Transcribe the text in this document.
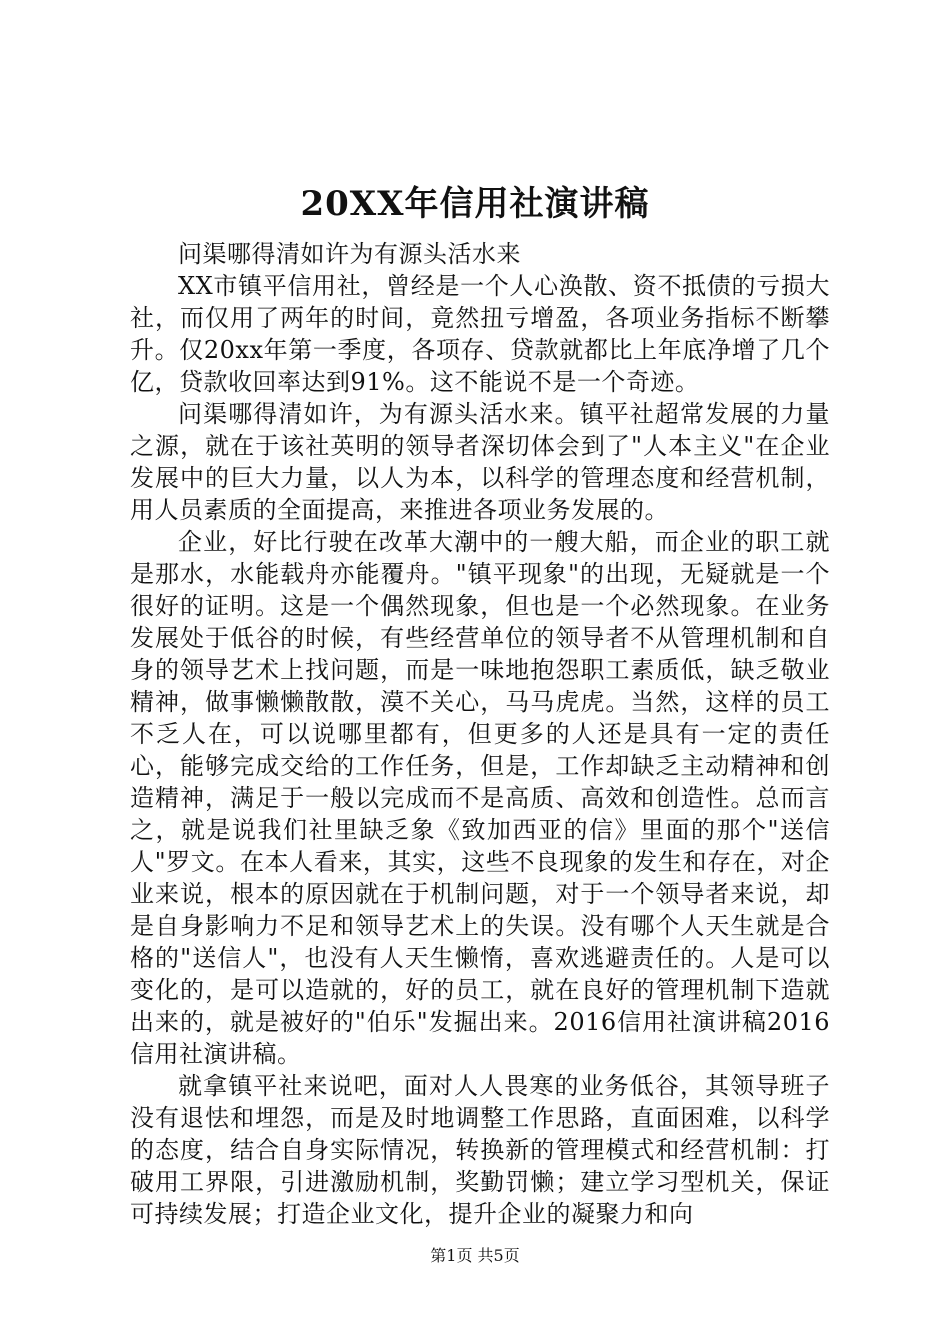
20XX年信用社演讲稿

问渠哪得清如许为有源头活水来

XX市镇平信用社，曾经是一个人心涣散、资不抵债的亏损大社，而仅用了两年的时间，竟然扭亏增盈，各项业务指标不断攀升。仅20xx年第一季度，各项存、贷款就都比上年底净增了几个亿，贷款收回率达到91%。这不能说不是一个奇迹。

问渠哪得清如许，为有源头活水来。镇平社超常发展的力量之源，就在于该社英明的领导者深切体会到了"人本主义"在企业发展中的巨大力量，以人为本，以科学的管理态度和经营机制，用人员素质的全面提高，来推进各项业务发展的。

企业，好比行驶在改革大潮中的一艘大船，而企业的职工就是那水，水能载舟亦能覆舟。"镇平现象"的出现，无疑就是一个很好的证明。这是一个偶然现象，但也是一个必然现象。在业务发展处于低谷的时候，有些经营单位的领导者不从管理机制和自身的领导艺术上找问题，而是一味地抱怨职工素质低，缺乏敬业精神，做事懒懒散散，漠不关心，马马虎虎。当然，这样的员工不乏人在，可以说哪里都有，但更多的人还是具有一定的责任心，能够完成交给的工作任务，但是，工作却缺乏主动精神和创造精神，满足于一般以完成而不是高质、高效和创造性。总而言之，就是说我们社里缺乏象《致加西亚的信》里面的那个"送信人"罗文。在本人看来，其实，这些不良现象的发生和存在，对企业来说，根本的原因就在于机制问题，对于一个领导者来说，却是自身影响力不足和领导艺术上的失误。没有哪个人天生就是合格的"送信人"，也没有人天生懒惰，喜欢逃避责任的。人是可以变化的，是可以造就的，好的员工，就在良好的管理机制下造就出来的，就是被好的"伯乐"发掘出来。2016信用社演讲稿2016信用社演讲稿。

就拿镇平社来说吧，面对人人畏寒的业务低谷，其领导班子没有退怯和埋怨，而是及时地调整工作思路，直面困难，以科学的态度，结合自身实际情况，转换新的管理模式和经营机制：打破用工界限，引进激励机制，奖勤罚懒；建立学习型机关，保证可持续发展；打造企业文化，提升企业的凝聚力和向

第1页 共5页
